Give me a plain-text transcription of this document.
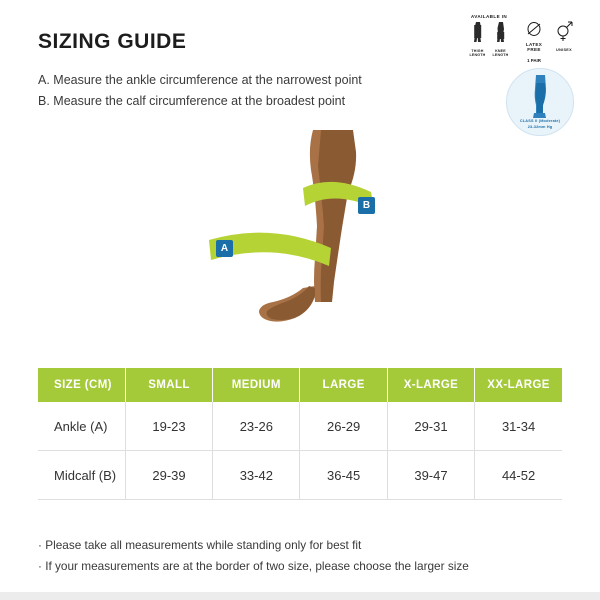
SIZING GUIDE
A. Measure the ankle circumference at the narrowest point
B. Measure the calf circumference at the broadest point
AVAILABLE IN
THIGH LENGTH
KNEE LENGTH
LATEX
FREE
1 PAIR
UNISEX
CLASS II (Moderate)
23-32mm Hg
A
B
SIZE (CM)	SMALL	MEDIUM	LARGE	X-LARGE	XX-LARGE
Ankle (A)	19-23	23-26	26-29	29-31	31-34
Midcalf (B)	29-39	33-42	36-45	39-47	44-52
· Please take all measurements while standing only for best fit
· If your measurements are at the border of two size, please choose the larger size
